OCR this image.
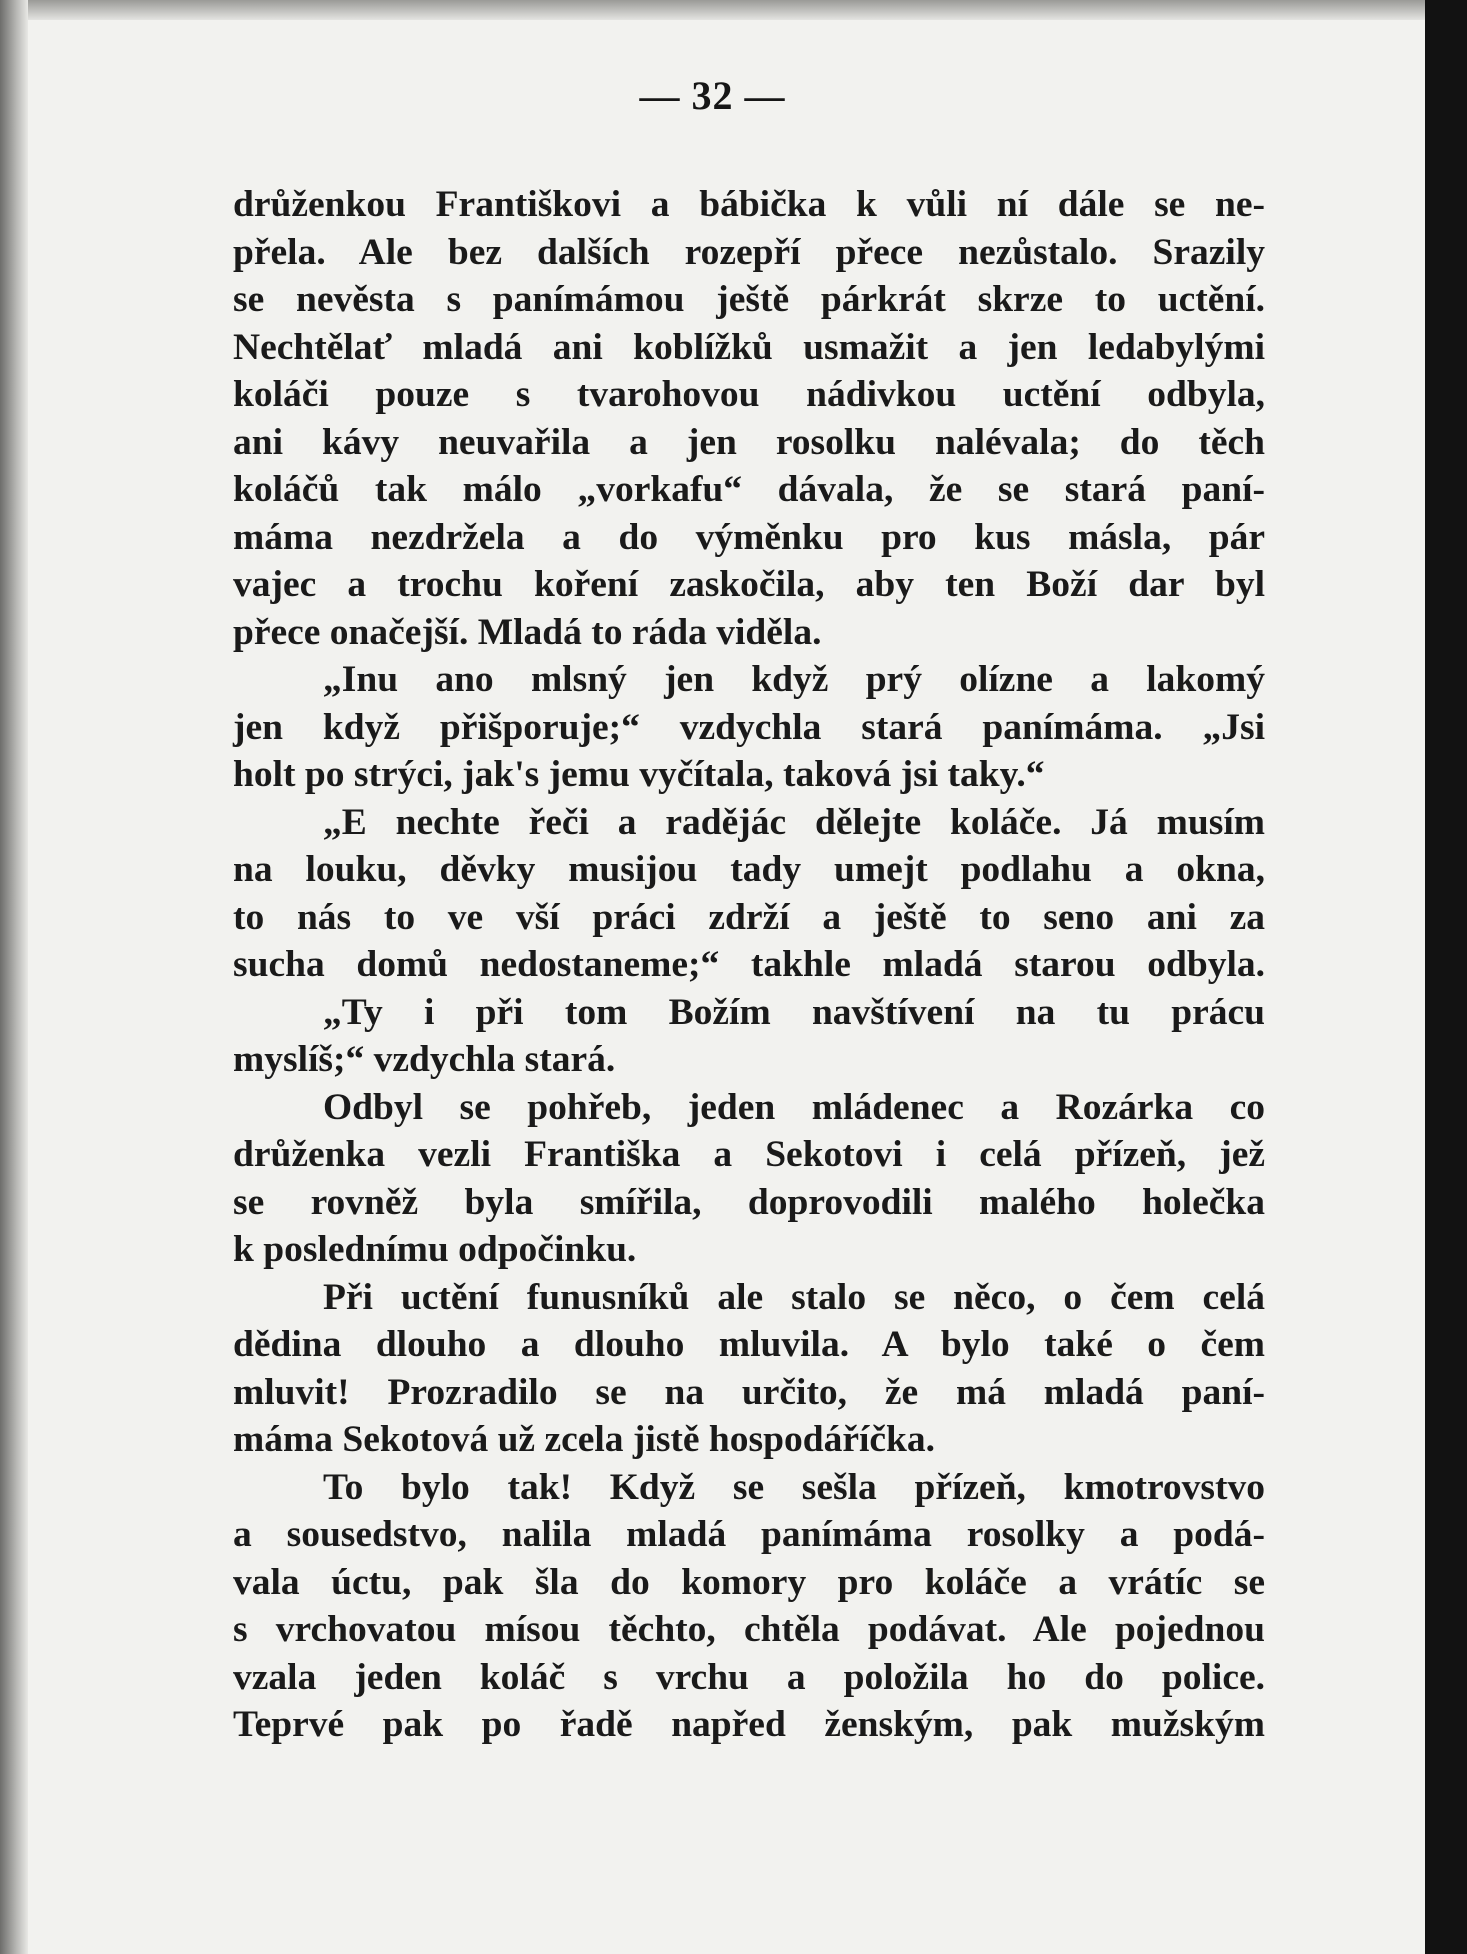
— 32 —
drůženkou Františkovi a bábička k vůli ní dále se ne-
přela. Ale bez dalších rozepří přece nezůstalo. Srazily
se nevěsta s panímámou ještě párkrát skrze to uctění.
Nechtělať mladá ani koblížků usmažit a jen ledabylými
koláči pouze s tvarohovou nádivkou uctění odbyla,
ani kávy neuvařila a jen rosolku nalévala; do těch
koláčů tak málo „vorkafu“ dávala, že se stará paní-
máma nezdržela a do výměnku pro kus másla, pár
vajec a trochu koření zaskočila, aby ten Boží dar byl
přece onačejší. Mladá to ráda viděla.
„Inu ano mlsný jen když prý olízne a lakomý
jen když přišporuje;“ vzdychla stará panímáma. „Jsi
holt po strýci, jak's jemu vyčítala, taková jsi taky.“
„E nechte řeči a radějác dělejte koláče. Já musím
na louku, děvky musijou tady umejt podlahu a okna,
to nás to ve vší práci zdrží a ještě to seno ani za
sucha domů nedostaneme;“ takhle mladá starou odbyla.
„Ty i při tom Božím navštívení na tu prácu
myslíš;“ vzdychla stará.
Odbyl se pohřeb, jeden mládenec a Rozárka co
drůženka vezli Františka a Sekotovi i celá přízeň, jež
se rovněž byla smířila, doprovodili malého holečka
k poslednímu odpočinku.
Při uctění funusníků ale stalo se něco, o čem celá
dědina dlouho a dlouho mluvila. A bylo také o čem
mluvit! Prozradilo se na určito, že má mladá paní-
máma Sekotová už zcela jistě hospodáříčka.
To bylo tak! Když se sešla přízeň, kmotrovstvo
a sousedstvo, nalila mladá panímáma rosolky a podá-
vala úctu, pak šla do komory pro koláče a vrátíc se
s vrchovatou mísou těchto, chtěla podávat. Ale pojednou
vzala jeden koláč s vrchu a položila ho do police.
Teprvé pak po řadě napřed ženským, pak mužským
